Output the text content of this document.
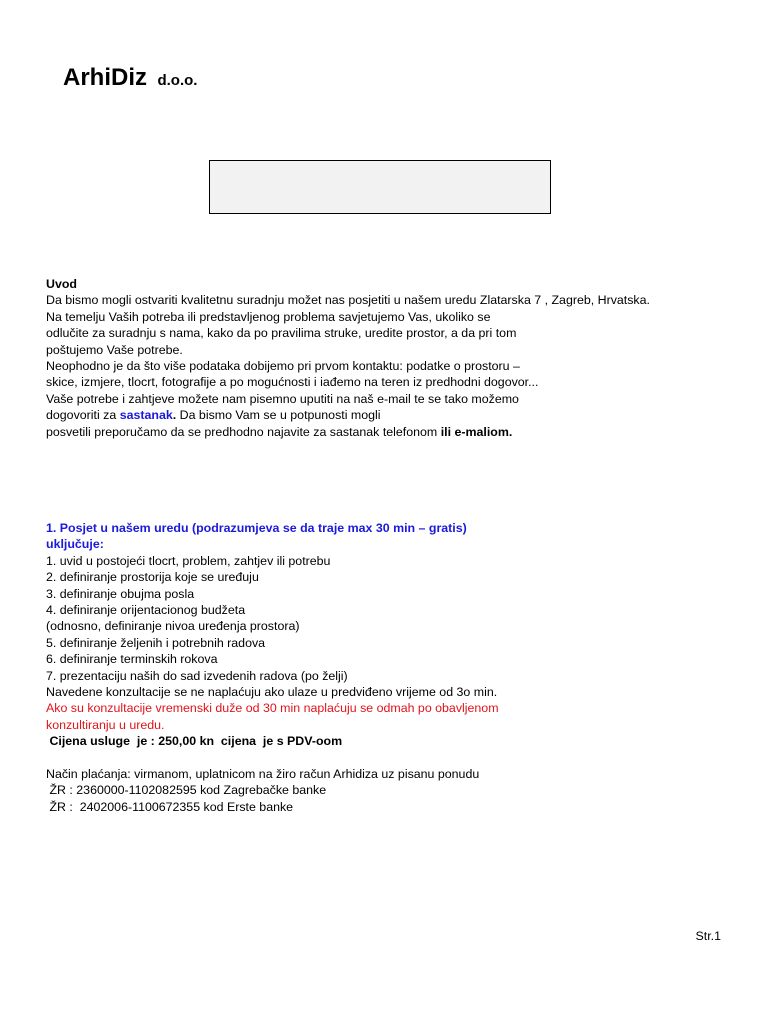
ArhiDiz d.o.o.
Uvod
Da bismo mogli ostvariti kvalitetnu suradnju možet nas posjetiti u našem uredu Zlatarska 7 , Zagreb, Hrvatska.
Na temelju Vaših potreba ili predstavljenog problema savjetujemo Vas, ukoliko se
odlučite za suradnju s nama, kako da po pravilima struke, uredite prostor, a da pri tom
poštujemo Vaše potrebe.
Neophodno je da što više podataka dobijemo pri prvom kontaktu: podatke o prostoru –
skice, izmjere, tlocrt, fotografije a po mogućnosti i iađemo na teren iz predhodni dogovor...
Vaše potrebe i zahtjeve možete nam pisemno uputiti na naš e-mail te se tako možemo
dogovoriti za sastanak. Da bismo Vam se u potpunosti mogli
posvetili preporučamo da se predhodno najavite za sastanak telefonom ili e-maliom.
1. Posjet u našem uredu (podrazumjeva se da traje max 30 min – gratis)
uključuje:
1. uvid u postojeći tlocrt, problem, zahtjev ili potrebu
2. definiranje prostorija koje se uređuju
3. definiranje obujma posla
4. definiranje orijentacionog budžeta
(odnosno, definiranje nivoa uređenja prostora)
5. definiranje željenih i potrebnih radova
6. definiranje terminskih rokova
7. prezentaciju naših do sad izvedenih radova (po želji)
Navedene konzultacije se ne naplaćuju ako ulaze u predviđeno vrijeme od 3o min.
Ako su konzultacije vremenski duže od 30 min naplaćuju se odmah po obavljenom
konzultiranju u uredu.
Cijena usluge  je : 250,00 kn  cijena  je s PDV-oom
Način plaćanja: virmanom, uplatnicom na žiro račun Arhidiza uz pisanu ponudu
ŽR : 2360000-1102082595 kod Zagrebačke banke
ŽR :  2402006-1100672355 kod Erste banke
Str.1
